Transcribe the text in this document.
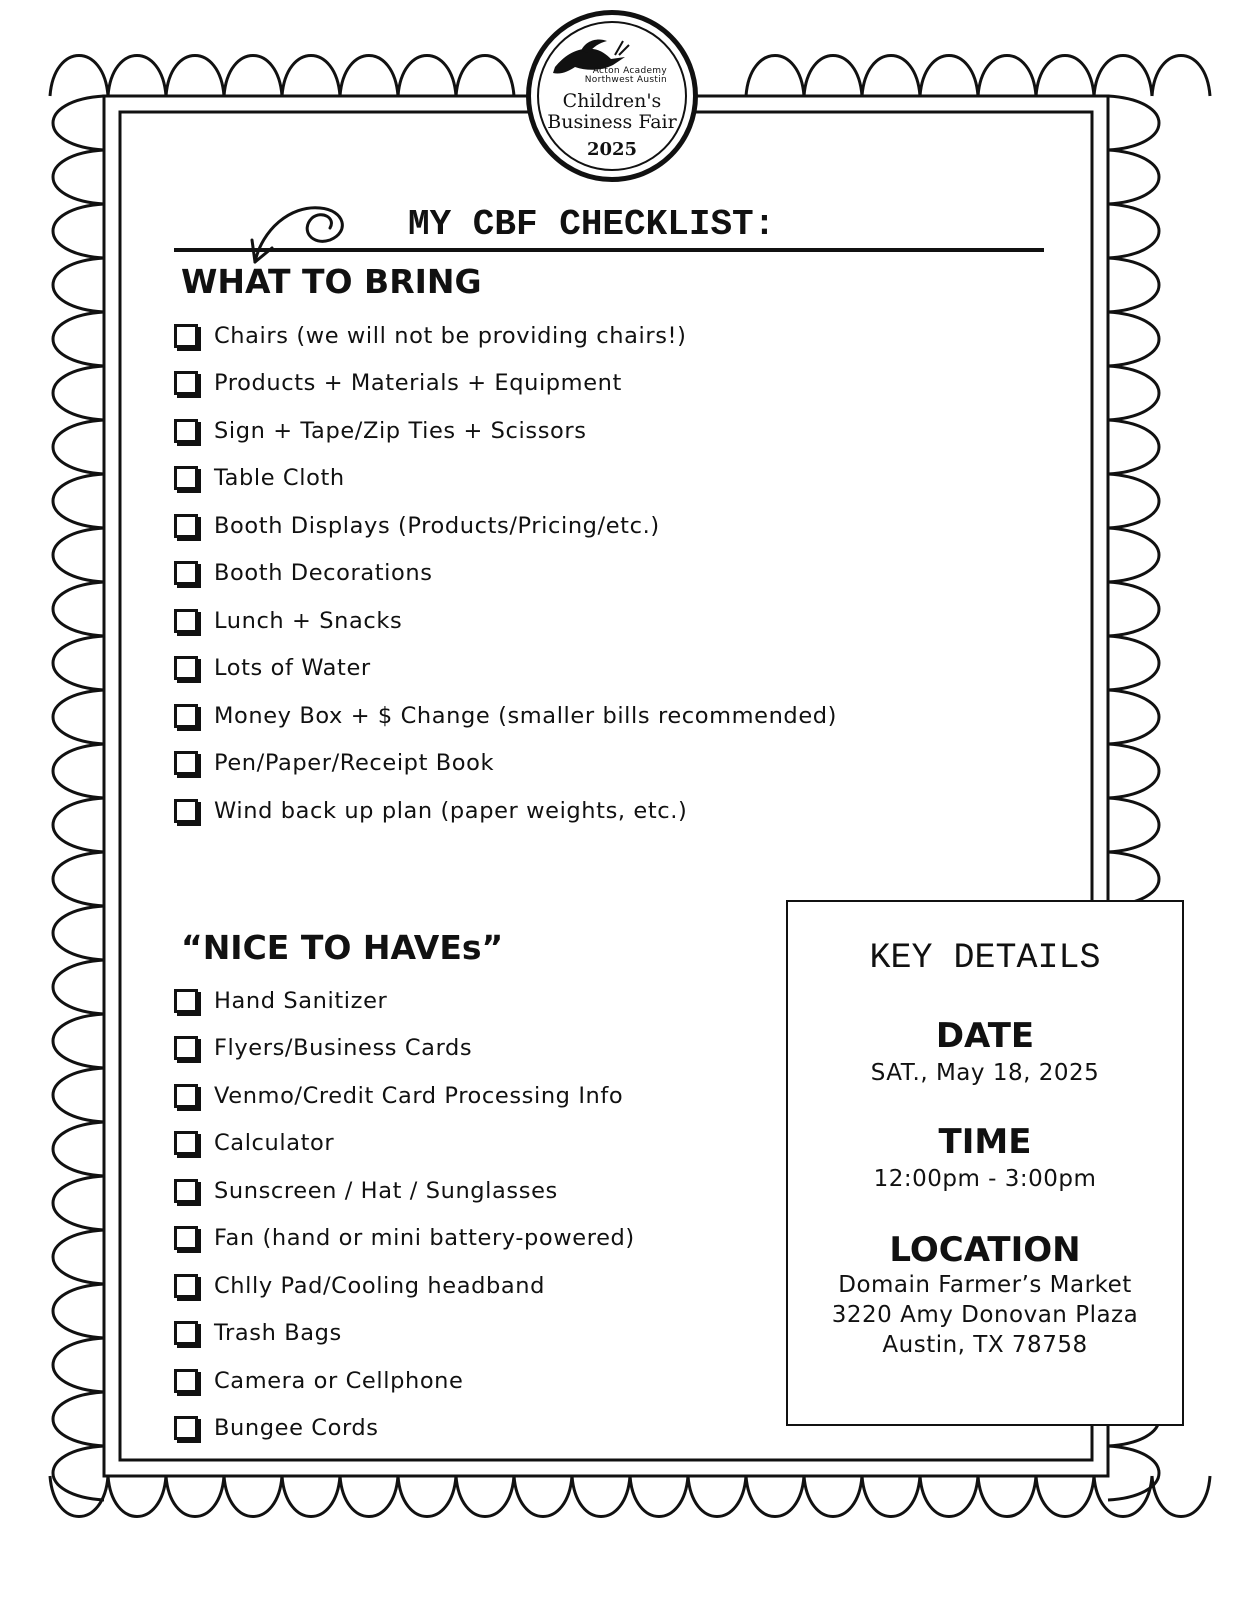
Acton Academy
Northwest Austin
Children's
Business Fair
2025
MY CBF CHECKLIST:
WHAT TO BRING
Chairs (we will not be providing chairs!)
Products + Materials + Equipment
Sign + Tape/Zip Ties + Scissors
Table Cloth
Booth Displays (Products/Pricing/etc.)
Booth Decorations
Lunch + Snacks
Lots of Water
Money Box + $ Change (smaller bills recommended)
Pen/Paper/Receipt Book
Wind back up plan (paper weights, etc.)
“NICE TO HAVEs”
Hand Sanitizer
Flyers/Business Cards
Venmo/Credit Card Processing Info
Calculator
Sunscreen / Hat / Sunglasses
Fan (hand or mini battery-powered)
Chlly Pad/Cooling headband
Trash Bags
Camera or Cellphone
Bungee Cords
KEY DETAILS
DATE
SAT., May 18, 2025
TIME
12:00pm - 3:00pm
LOCATION
Domain Farmer’s Market
3220 Amy Donovan Plaza
Austin, TX 78758
